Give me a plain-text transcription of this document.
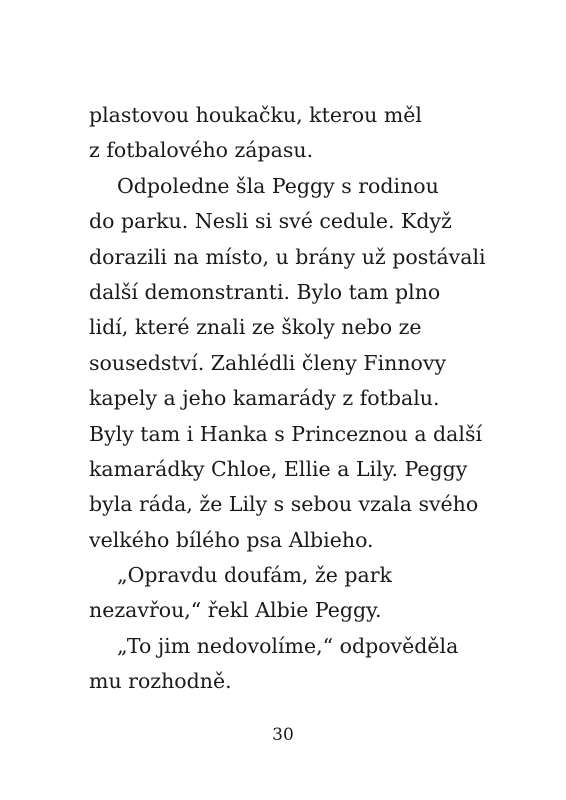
plastovou houkačku, kterou měl
z fotbalového zápasu.
Odpoledne šla Peggy s rodinou
do parku. Nesli si své cedule. Když
dorazili na místo, u brány už postávali
další demonstranti. Bylo tam plno
lidí, které znali ze školy nebo ze
sousedství. Zahlédli členy Finnovy
kapely a jeho kamarády z fotbalu.
Byly tam i Hanka s Princeznou a další
kamarádky Chloe, Ellie a Lily. Peggy
byla ráda, že Lily s sebou vzala svého
velkého bílého psa Albieho.
„Opravdu doufám, že park
nezavřou,“ řekl Albie Peggy.
„To jim nedovolíme,“ odpověděla
mu rozhodně.
30
